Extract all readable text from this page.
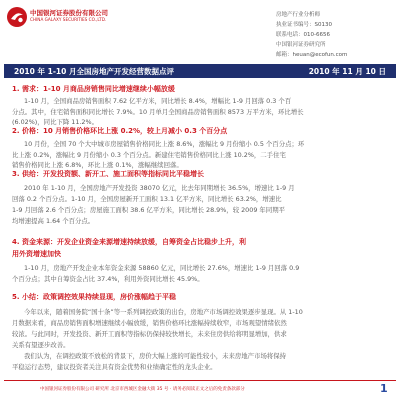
中国银河证券股份有限公司
CHINA GALAXY SECURITIES CO.,LTD.
房地产行业分析师
执业证书编号：S0130
联系电话：010-6656
中国银河证券研究所
邮箱：heuan@ecofun.com
2010 年 1-10 月全国房地产开发经营数据点评	2010 年 11 月 10 日
1. 需求：1-10 月商品房销售同比增速继续小幅放缓
1-10 月，全国商品房销售面积 7.62 亿平方米，同比增长 8.4%，增幅比 1-9 月回落 0.3 个百
分点。其中，住宅销售面积同比增长 7.9%。10 月单月全国商品房销售面积 8573 万平方米，环比增长
(6.02%)，同比下降 11.2%。
2. 价格：10 月销售价格环比上涨 0.2%，较上月减小 0.3 个百分点
10 月份，全国 70 个大中城市房屋销售价格同比上涨 8.6%，涨幅比 9 月份缩小 0.5 个百分点；环
比上涨 0.2%，涨幅比 9 月份缩小 0.3 个百分点。新建住宅销售价格同比上涨 10.2%，二手住宅
销售价格同比上涨 6.8%，环比上涨 0.1%，涨幅继续回落。
3. 供给：开发投资额、新开工、施工面积等指标同比平稳增长
2010 年 1-10 月，全国房地产开发投资 38070 亿元，比去年同期增长 36.5%，增速比 1-9 月
回落 0.2 个百分点。1-10 月，全国房屋新开工面积 13.1 亿平方米，同比增长 63.2%，增速比
1-9 月回落 2.6 个百分点；房屋施工面积 38.6 亿平方米，同比增长 28.9%，较 2009 年同期平
均增速提高 1.64 个百分点。
4. 资金来源：开发企业资金来源增速持续放缓，自筹资金占比稳步上升，利
用外资增速加快
1-10 月，房地产开发企业本年资金来源 58860 亿元，同比增长 27.6%，增速比 1-9 月回落 0.9
个百分点；其中自筹资金占比 37.4%，利用外资同比增长 45.9%。
5. 小结：政策调控效果持续显现，房价涨幅趋于平稳
今年以来，随着国务院“国十条”等一系列调控政策的出台，房地产市场调控效果逐步显现。从 1-10
月数据来看，商品房销售面积增速继续小幅放缓，销售价格环比涨幅持续收窄，市场观望情绪依然
较浓。与此同时，开发投资、新开工面积等指标仍保持较快增长，未来住房供给将明显增加，供求
关系有望逐步改善。
我们认为，在调控政策不放松的背景下，房价大幅上涨的可能性较小，未来房地产市场将保持
平稳运行态势，建议投资者关注具有资金优势和业绩确定性的龙头企业。
中国银河证券股份有限公司 研究所 北京市西城区金融大街 35 号 · 请务必阅读正文之后的免责条款部分	1
